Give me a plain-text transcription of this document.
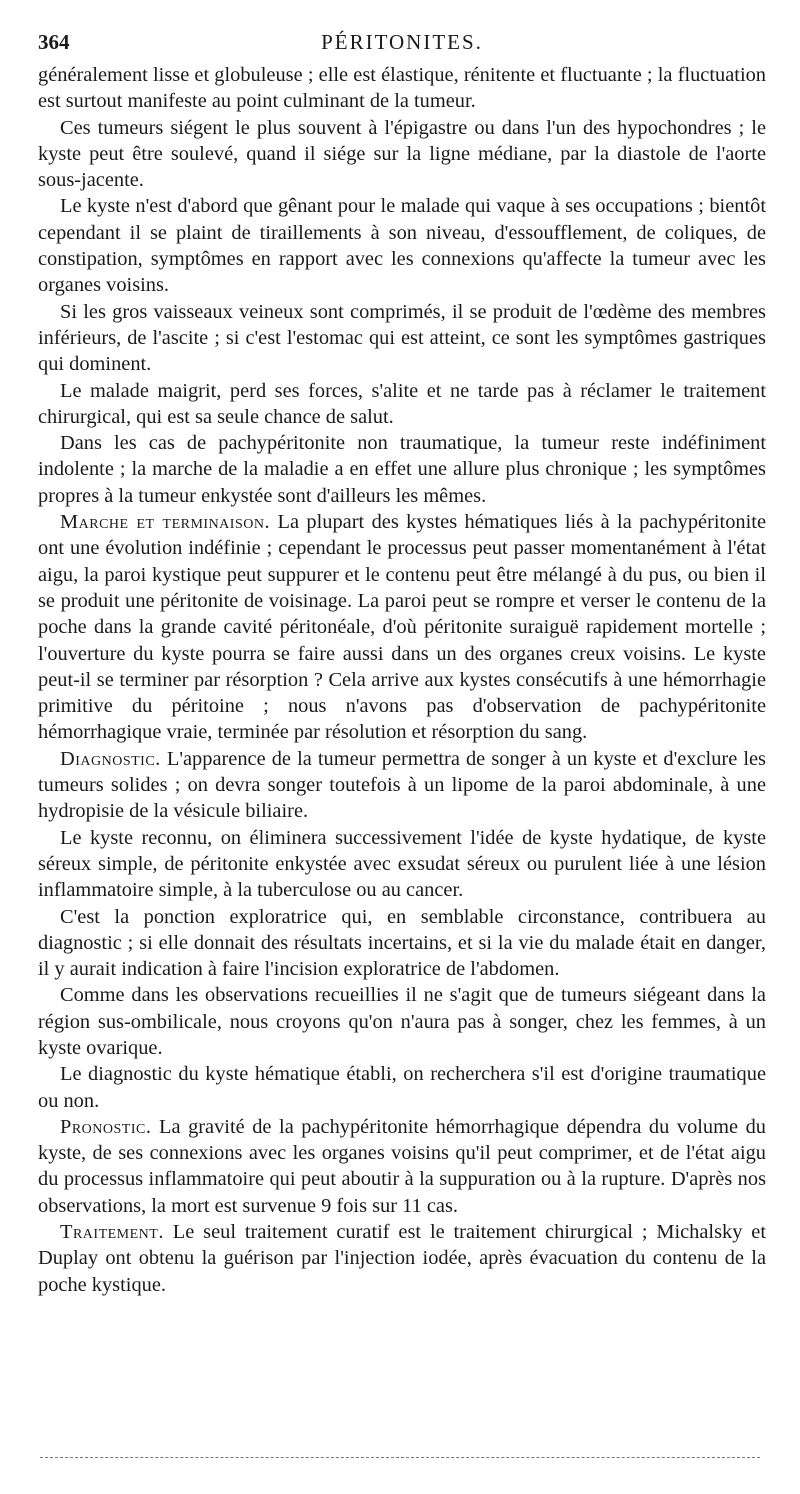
364	PÉRITONITES.

généralement lisse et globuleuse ; elle est élastique, rénitente et fluctuante ; la fluctuation est surtout manifeste au point culminant de la tumeur.

Ces tumeurs siégent le plus souvent à l'épigastre ou dans l'un des hypochondres ; le kyste peut être soulevé, quand il siége sur la ligne médiane, par la diastole de l'aorte sous-jacente.

Le kyste n'est d'abord que gênant pour le malade qui vaque à ses occupations ; bientôt cependant il se plaint de tiraillements à son niveau, d'essoufflement, de coliques, de constipation, symptômes en rapport avec les connexions qu'affecte la tumeur avec les organes voisins.

Si les gros vaisseaux veineux sont comprimés, il se produit de l'œdème des membres inférieurs, de l'ascite ; si c'est l'estomac qui est atteint, ce sont les symptômes gastriques qui dominent.

Le malade maigrit, perd ses forces, s'alite et ne tarde pas à réclamer le traitement chirurgical, qui est sa seule chance de salut.

Dans les cas de pachypéritonite non traumatique, la tumeur reste indéfiniment indolente ; la marche de la maladie a en effet une allure plus chronique ; les symptômes propres à la tumeur enkystée sont d'ailleurs les mêmes.

Marche et terminaison. La plupart des kystes hématiques liés à la pachypéritonite ont une évolution indéfinie ; cependant le processus peut passer momentanément à l'état aigu, la paroi kystique peut suppurer et le contenu peut être mélangé à du pus, ou bien il se produit une péritonite de voisinage. La paroi peut se rompre et verser le contenu de la poche dans la grande cavité péritonéale, d'où péritonite suraiguë rapidement mortelle ; l'ouverture du kyste pourra se faire aussi dans un des organes creux voisins. Le kyste peut-il se terminer par résorption ? Cela arrive aux kystes consécutifs à une hémorrhagie primitive du péritoine ; nous n'avons pas d'observation de pachypéritonite hémorrhagique vraie, terminée par résolution et résorption du sang.

Diagnostic. L'apparence de la tumeur permettra de songer à un kyste et d'exclure les tumeurs solides ; on devra songer toutefois à un lipome de la paroi abdominale, à une hydropisie de la vésicule biliaire.

Le kyste reconnu, on éliminera successivement l'idée de kyste hydatique, de kyste séreux simple, de péritonite enkystée avec exsudat séreux ou purulent liée à une lésion inflammatoire simple, à la tuberculose ou au cancer.

C'est la ponction exploratrice qui, en semblable circonstance, contribuera au diagnostic ; si elle donnait des résultats incertains, et si la vie du malade était en danger, il y aurait indication à faire l'incision exploratrice de l'abdomen.

Comme dans les observations recueillies il ne s'agit que de tumeurs siégeant dans la région sus-ombilicale, nous croyons qu'on n'aura pas à songer, chez les femmes, à un kyste ovarique.

Le diagnostic du kyste hématique établi, on recherchera s'il est d'origine traumatique ou non.

Pronostic. La gravité de la pachypéritonite hémorrhagique dépendra du volume du kyste, de ses connexions avec les organes voisins qu'il peut comprimer, et de l'état aigu du processus inflammatoire qui peut aboutir à la suppuration ou à la rupture. D'après nos observations, la mort est survenue 9 fois sur 11 cas.

Traitement. Le seul traitement curatif est le traitement chirurgical ; Michalsky et Duplay ont obtenu la guérison par l'injection iodée, après évacuation du contenu de la poche kystique.
